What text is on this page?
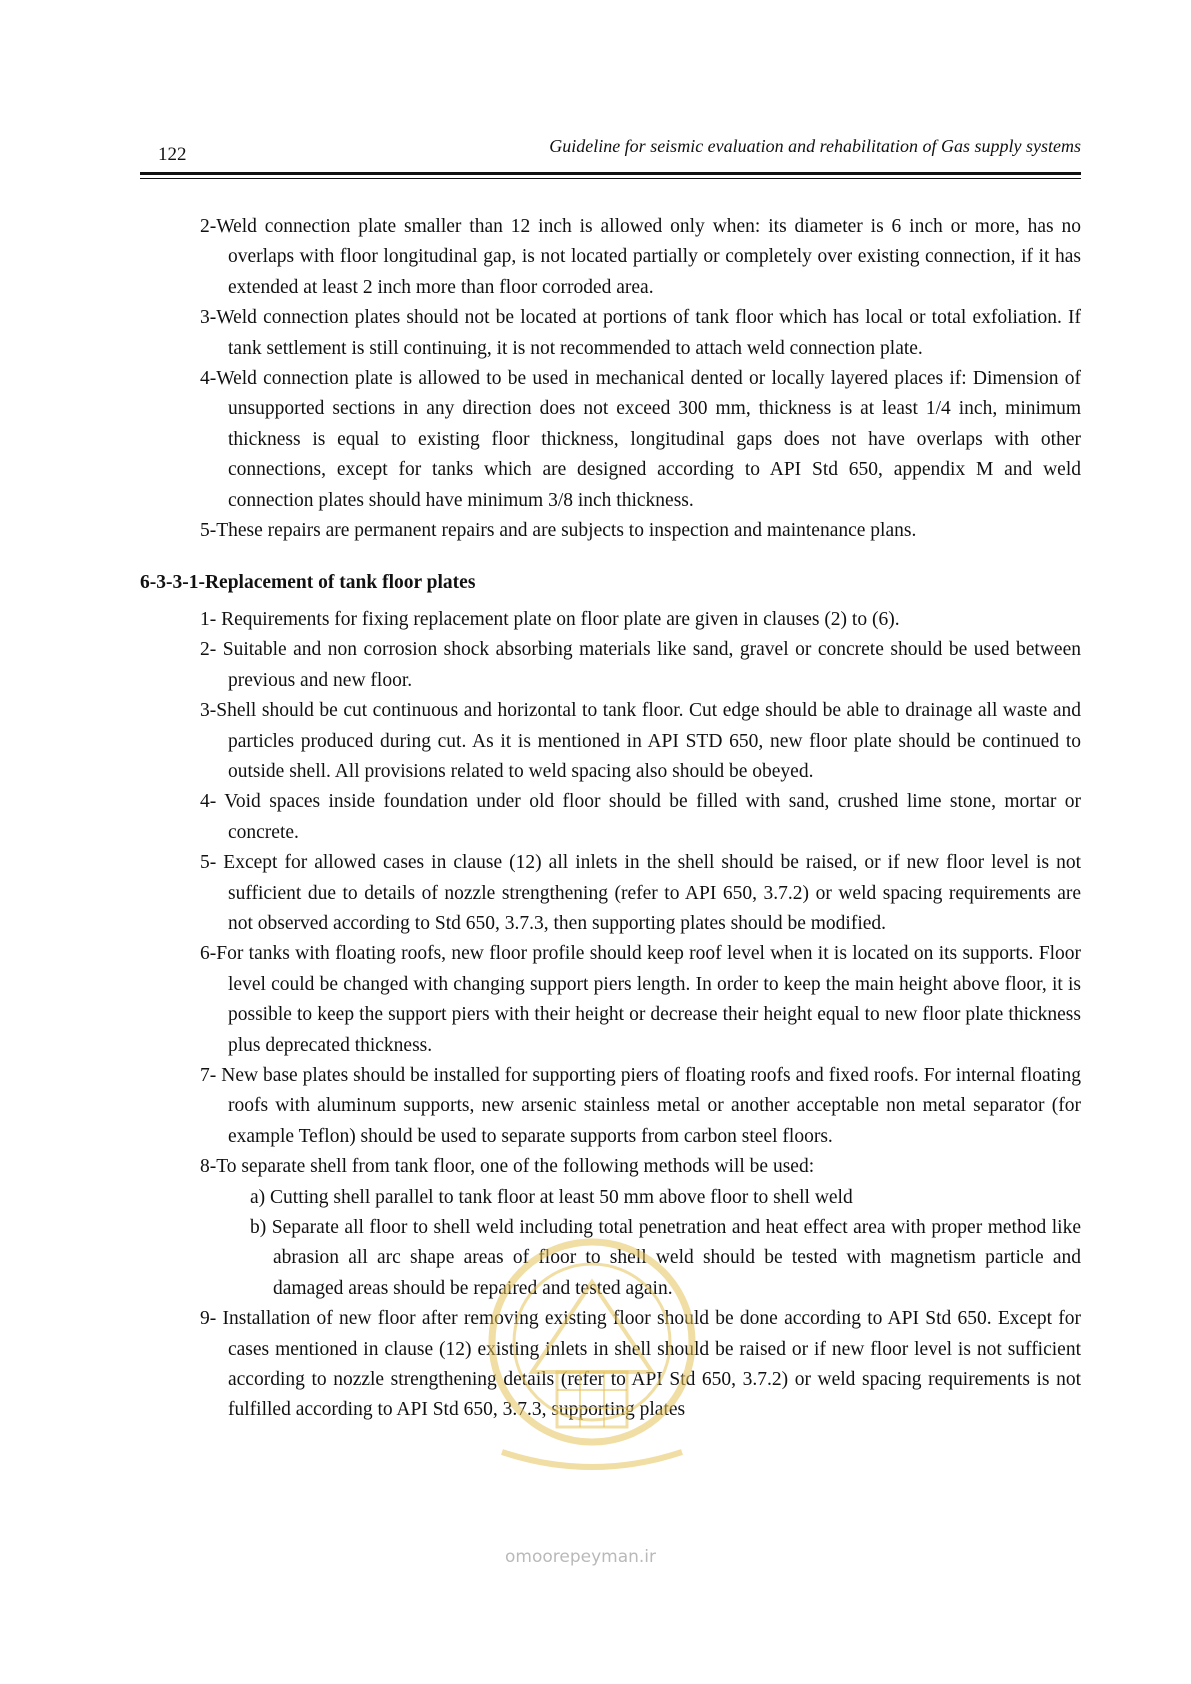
122	Guideline for seismic evaluation and rehabilitation of Gas supply systems

2-Weld connection plate smaller than 12 inch is allowed only when: its diameter is 6 inch or more, has no overlaps with floor longitudinal gap, is not located partially or completely over existing connection, if it has extended at least 2 inch more than floor corroded area.

3-Weld connection plates should not be located at portions of tank floor which has local or total exfoliation. If tank settlement is still continuing, it is not recommended to attach weld connection plate.

4-Weld connection plate is allowed to be used in mechanical dented or locally layered places if: Dimension of unsupported sections in any direction does not exceed 300 mm, thickness is at least 1/4 inch, minimum thickness is equal to existing floor thickness, longitudinal gaps does not have overlaps with other connections, except for tanks which are designed according to API Std 650, appendix M and weld connection plates should have minimum 3/8 inch thickness.

5-These repairs are permanent repairs and are subjects to inspection and maintenance plans.

6-3-3-1-Replacement of tank floor plates

1- Requirements for fixing replacement plate on floor plate are given in clauses (2) to (6).

2- Suitable and non corrosion shock absorbing materials like sand, gravel or concrete should be used between previous and new floor.

3-Shell should be cut continuous and horizontal to tank floor. Cut edge should be able to drainage all waste and particles produced during cut. As it is mentioned in API STD 650, new floor plate should be continued to outside shell. All provisions related to weld spacing also should be obeyed.

4- Void spaces inside foundation under old floor should be filled with sand, crushed lime stone, mortar or concrete.

5- Except for allowed cases in clause (12) all inlets in the shell should be raised, or if new floor level is not sufficient due to details of nozzle strengthening (refer to API 650, 3.7.2) or weld spacing requirements are not observed according to Std 650, 3.7.3, then supporting plates should be modified.

6-For tanks with floating roofs, new floor profile should keep roof level when it is located on its supports. Floor level could be changed with changing support piers length. In order to keep the main height above floor, it is possible to keep the support piers with their height or decrease their height equal to new floor plate thickness plus deprecated thickness.

7- New base plates should be installed for supporting piers of floating roofs and fixed roofs. For internal floating roofs with aluminum supports, new arsenic stainless metal or another acceptable non metal separator (for example Teflon) should be used to separate supports from carbon steel floors.

8-To separate shell from tank floor, one of the following methods will be used:

a) Cutting shell parallel to tank floor at least 50 mm above floor to shell weld

b) Separate all floor to shell weld including total penetration and heat effect area with proper method like abrasion all arc shape areas of floor to shell weld should be tested with magnetism particle and damaged areas should be repaired and tested again.

9- Installation of new floor after removing existing floor should be done according to API Std 650. Except for cases mentioned in clause (12) existing inlets in shell should be raised or if new floor level is not sufficient according to nozzle strengthening details (refer to API Std 650, 3.7.2) or weld spacing requirements is not fulfilled according to API Std 650, 3.7.3, supporting plates

omoorepeyman.ir
